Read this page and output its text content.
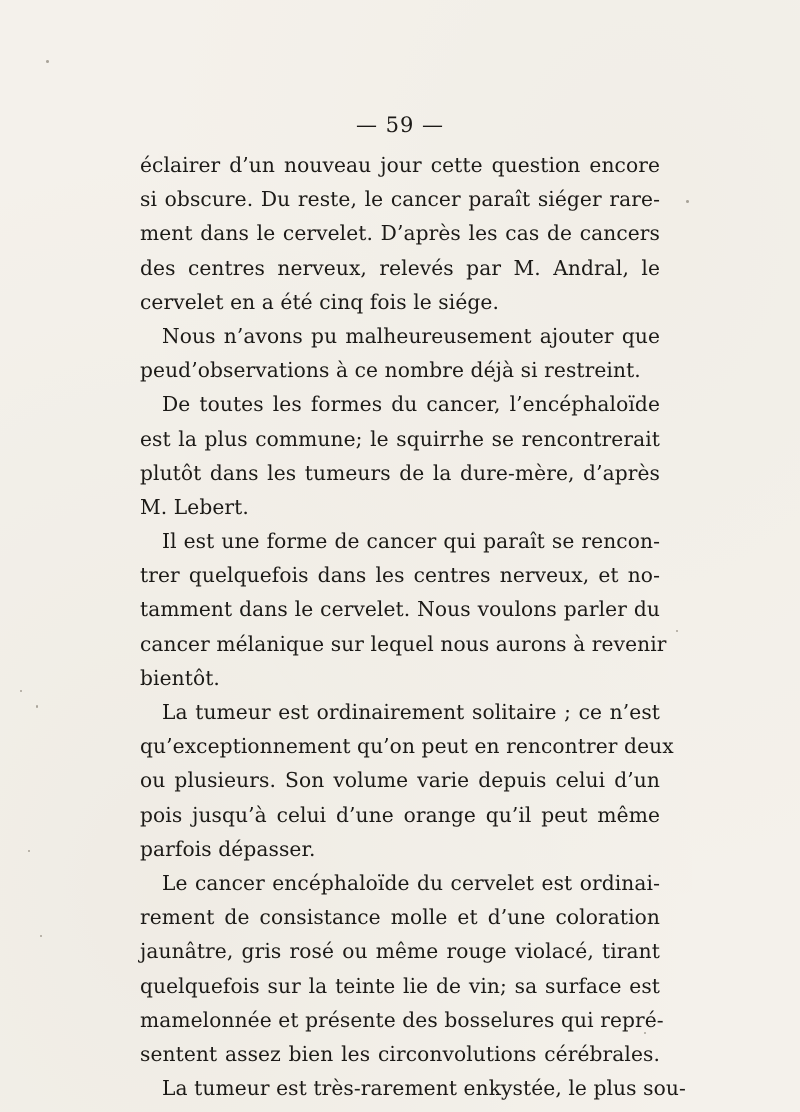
— 59 —
éclairer d’un nouveau jour cette question encore
si obscure. Du reste, le cancer paraît siéger rare-
ment dans le cervelet. D’après les cas de cancers
des centres nerveux, relevés par M. Andral, le
cervelet en a été cinq fois le siége.
Nous n’avons pu malheureusement ajouter que
peud’observations à ce nombre déjà si restreint.
De toutes les formes du cancer, l’encéphaloïde
est la plus commune; le squirrhe se rencontrerait
plutôt dans les tumeurs de la dure-mère, d’après
M. Lebert.
Il est une forme de cancer qui paraît se rencon-
trer quelquefois dans les centres nerveux, et no-
tamment dans le cervelet. Nous voulons parler du
cancer mélanique sur lequel nous aurons à revenir
bientôt.
La tumeur est ordinairement solitaire ; ce n’est
qu’exceptionnement qu’on peut en rencontrer deux
ou plusieurs. Son volume varie depuis celui d’un
pois jusqu’à celui d’une orange qu’il peut même
parfois dépasser.
Le cancer encéphaloïde du cervelet est ordinai-
rement de consistance molle et d’une coloration
jaunâtre, gris rosé ou même rouge violacé, tirant
quelquefois sur la teinte lie de vin; sa surface est
mamelonnée et présente des bosselures qui repré-
sentent assez bien les circonvolutions cérébrales.
La tumeur est très-rarement enkystée, le plus sou-
